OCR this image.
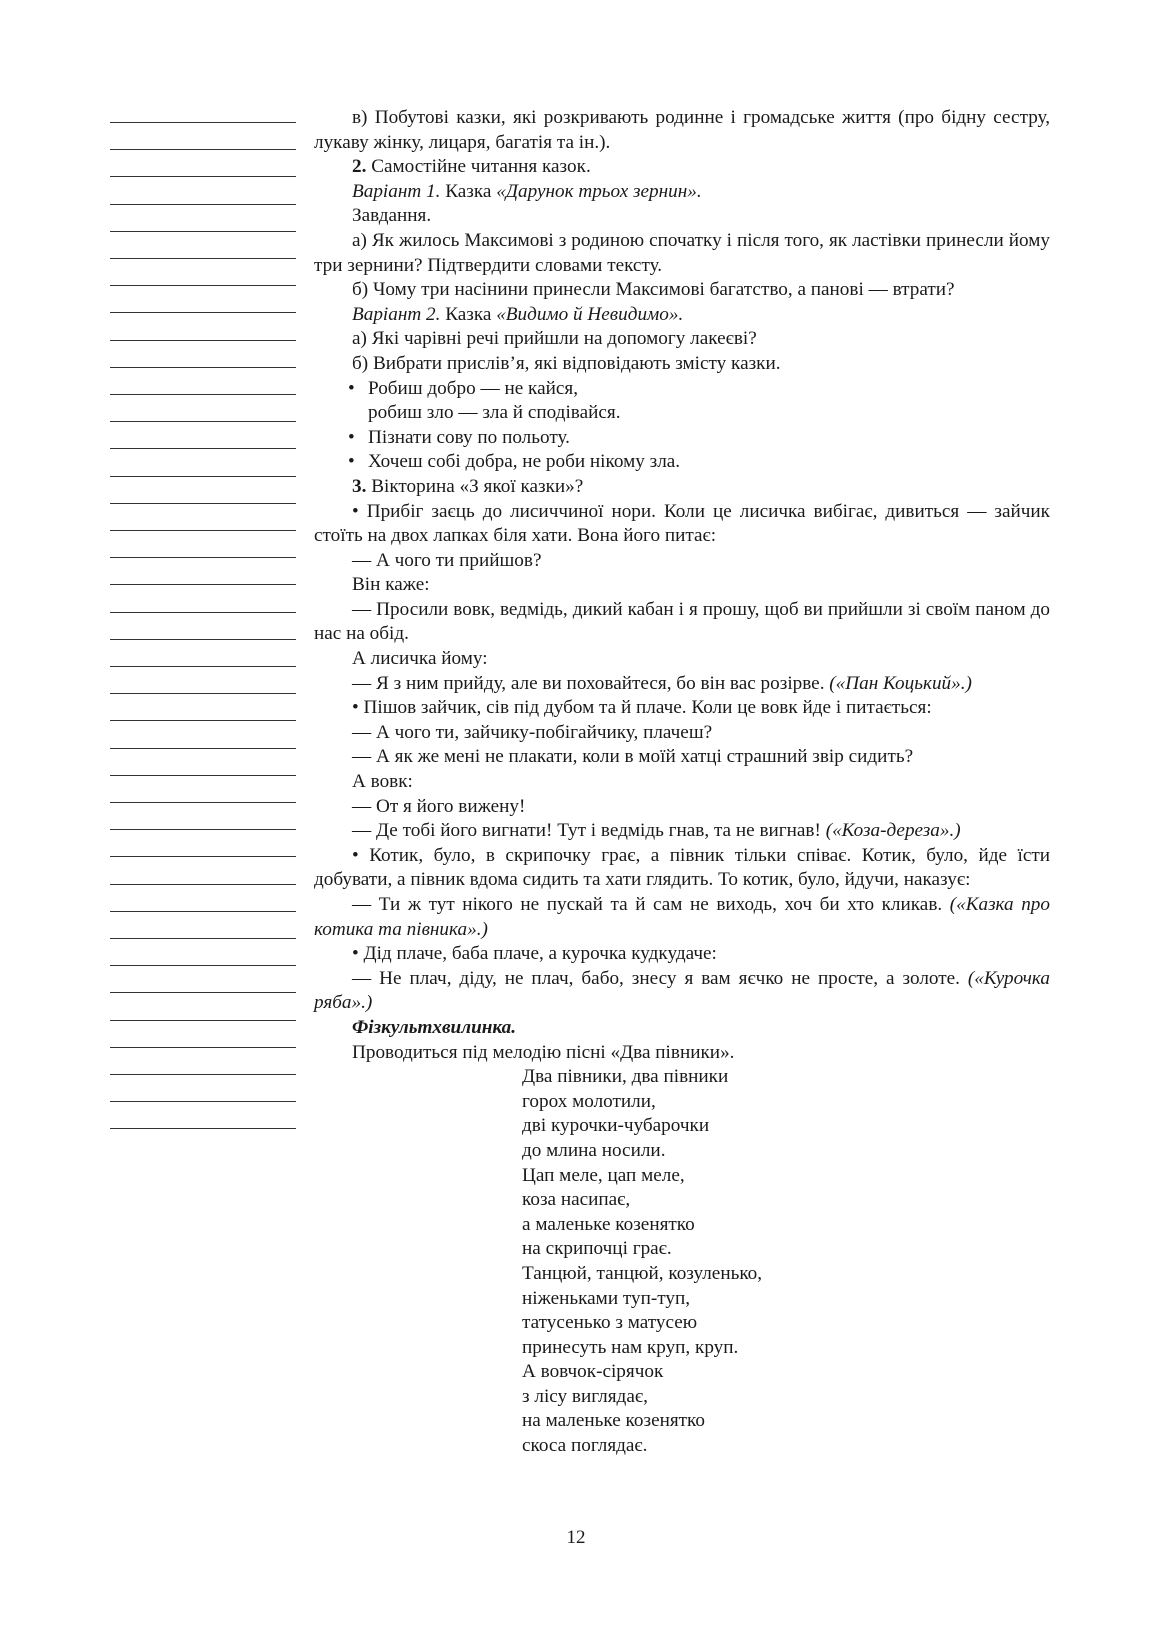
в) Побутові казки, які розкривають родинне і громадське життя (про бідну сестру, лукаву жінку, лицаря, багатія та ін.).
2. Самостійне читання казок.
Варіант 1. Казка «Дарунок трьох зернин».
Завдання.
а) Як жилось Максимові з родиною спочатку і після того, як ластівки принесли йому три зернини? Підтвердити словами тексту.
б) Чому три насінини принесли Максимові багатство, а панові — втрати?
Варіант 2. Казка «Видимо й Невидимо».
а) Які чарівні речі прийшли на допомогу лакеєві?
б) Вибрати прислів’я, які відповідають змісту казки.
• Робиш добро — не кайся,
робиш зло — зла й сподівайся.
• Пізнати сову по польоту.
• Хочеш собі добра, не роби нікому зла.
3. Вікторина «З якої казки»?
• Прибіг заєць до лисиччиної нори. Коли це лисичка вибігає, дивиться — зайчик стоїть на двох лапках біля хати. Вона його питає:
— А чого ти прийшов?
Він каже:
— Просили вовк, ведмідь, дикий кабан і я прошу, щоб ви прийшли зі своїм паном до нас на обід.
А лисичка йому:
— Я з ним прийду, але ви поховайтеся, бо він вас розірве. («Пан Коцький».)
• Пішов зайчик, сів під дубом та й плаче. Коли це вовк йде і питається:
— А чого ти, зайчику-побігайчику, плачеш?
— А як же мені не плакати, коли в моїй хатці страшний звір сидить?
А вовк:
— От я його вижену!
— Де тобі його вигнати! Тут і ведмідь гнав, та не вигнав! («Коза-дереза».)
• Котик, було, в скрипочку грає, а півник тільки співає. Котик, було, йде їсти добувати, а півник вдома сидить та хати глядить. То котик, було, йдучи, наказує:
— Ти ж тут нікого не пускай та й сам не виходь, хоч би хто кликав. («Казка про котика та півника».)
• Дід плаче, баба плаче, а курочка кудкудаче:
— Не плач, діду, не плач, бабо, знесу я вам яєчко не просте, а золоте. («Курочка ряба».)
Фізкультхвилинка.
Проводиться під мелодію пісні «Два півники».
Два півники, два півники
горох молотили,
дві курочки-чубарочки
до млина носили.
Цап меле, цап меле,
коза насипає,
а маленьке козенятко
на скрипочці грає.
Танцюй, танцюй, козуленько,
ніженьками туп-туп,
татусенько з матусею
принесуть нам круп, круп.
А вовчок-сірячок
з лісу виглядає,
на маленьке козенятко
скоса поглядає.
12
